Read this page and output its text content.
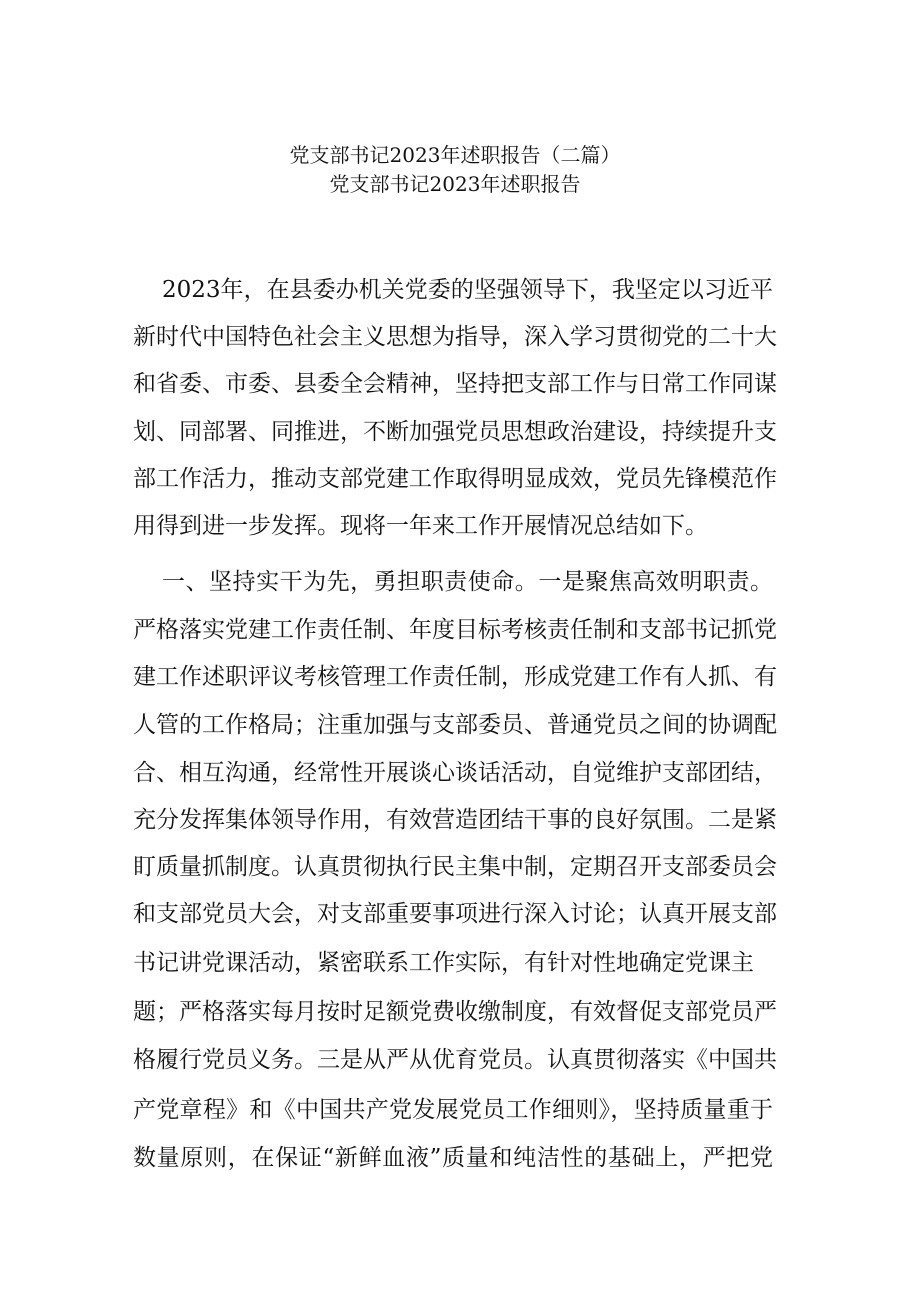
党支部书记2023年述职报告（二篇）
党支部书记2023年述职报告
2023年，在县委办机关党委的坚强领导下，我坚定以习近平
新时代中国特色社会主义思想为指导，深入学习贯彻党的二十大
和省委、市委、县委全会精神，坚持把支部工作与日常工作同谋
划、同部署、同推进，不断加强党员思想政治建设，持续提升支
部工作活力，推动支部党建工作取得明显成效，党员先锋模范作
用得到进一步发挥。现将一年来工作开展情况总结如下。
一、坚持实干为先，勇担职责使命。一是聚焦高效明职责。
严格落实党建工作责任制、年度目标考核责任制和支部书记抓党
建工作述职评议考核管理工作责任制，形成党建工作有人抓、有
人管的工作格局；注重加强与支部委员、普通党员之间的协调配
合、相互沟通，经常性开展谈心谈话活动，自觉维护支部团结，
充分发挥集体领导作用，有效营造团结干事的良好氛围。二是紧
盯质量抓制度。认真贯彻执行民主集中制，定期召开支部委员会
和支部党员大会，对支部重要事项进行深入讨论；认真开展支部
书记讲党课活动，紧密联系工作实际，有针对性地确定党课主
题；严格落实每月按时足额党费收缴制度，有效督促支部党员严
格履行党员义务。三是从严从优育党员。认真贯彻落实《中国共
产党章程》和《中国共产党发展党员工作细则》，坚持质量重于
数量原则，在保证“新鲜血液”质量和纯洁性的基础上，严把党
